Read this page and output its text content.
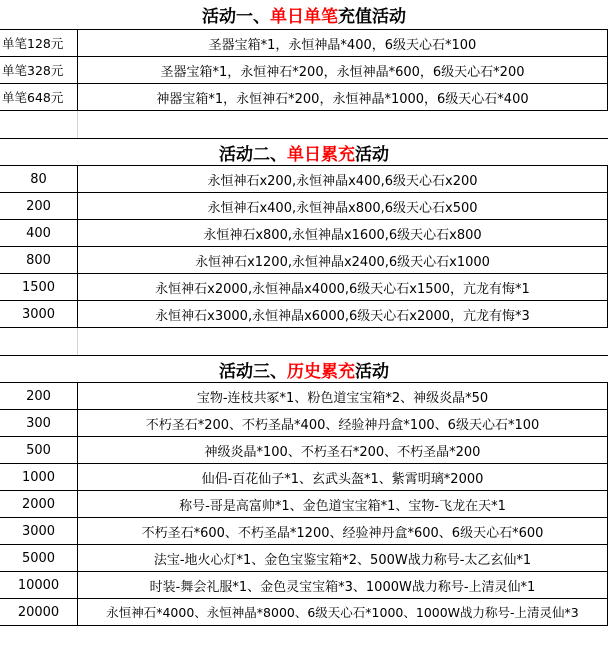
活动一、 单日单笔 充值活动
单笔128元	圣器宝箱*1，永恒神晶*400，6级天心石*100
单笔328元	圣器宝箱*1，永恒神石*200，永恒神晶*600，6级天心石*200
单笔648元	神器宝箱*1，永恒神石*200，永恒神晶*1000，6级天心石*400
活动二、 单日累充 活动
80	永恒神石x200,永恒神晶x400,6级天心石x200
200	永恒神石x400,永恒神晶x800,6级天心石x500
400	永恒神石x800,永恒神晶x1600,6级天心石x800
800	永恒神石x1200,永恒神晶x2400,6级天心石x1000
1500	永恒神石x2000,永恒神晶x4000,6级天心石x1500，亢龙有悔*1
3000	永恒神石x3000,永恒神晶x6000,6级天心石x2000，亢龙有悔*3
活动三、 历史累充 活动
200	宝物-连枝共冢*1、粉色道宝宝箱*2、神级炎晶*50
300	不朽圣石*200、不朽圣晶*400、经验神丹盒*100、6级天心石*100
500	神级炎晶*100、不朽圣石*200、不朽圣晶*200
1000	仙侣-百花仙子*1、玄武头盔*1、紫霄明璃*2000
2000	称号-哥是高富帅*1、金色道宝宝箱*1、宝物-飞龙在天*1
3000	不朽圣石*600、不朽圣晶*1200、经验神丹盒*600、6级天心石*600
5000	法宝-地火心灯*1、金色宝鉴宝箱*2、500W战力称号-太乙玄仙*1
10000	时装-舞会礼服*1、金色灵宝宝箱*3、1000W战力称号-上清灵仙*1
20000	永恒神石*4000、永恒神晶*8000、6级天心石*1000、1000W战力称号-上清灵仙*3
